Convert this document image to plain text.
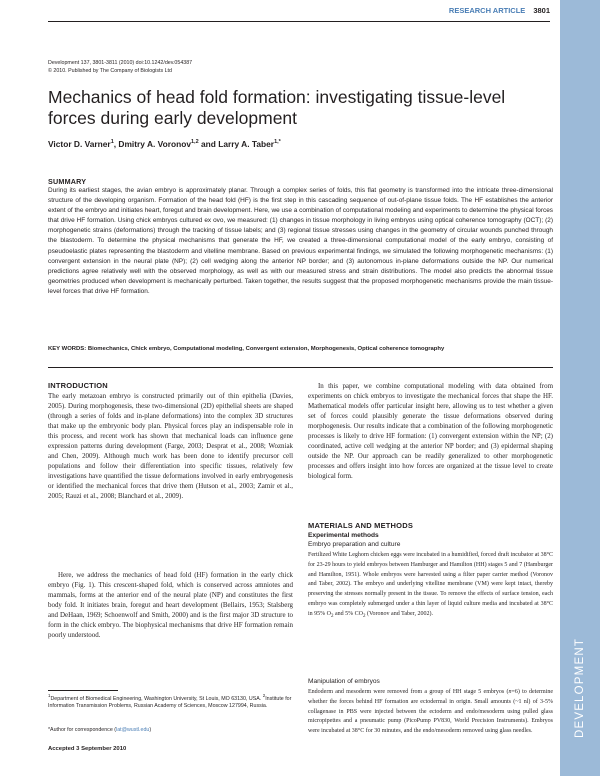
RESEARCH ARTICLE 3801
DEVELOPMENT
Development 137, 3801-3811 (2010) doi:10.1242/dev.054387
© 2010. Published by The Company of Biologists Ltd
Mechanics of head fold formation: investigating tissue-level forces during early development
Victor D. Varner$^1$, Dmitry A. Voronov$^{1,2}$ and Larry A. Taber$^{1,*}$
SUMMARY
During its earliest stages, the avian embryo is approximately planar. Through a complex series of folds, this flat geometry is transformed into the intricate three-dimensional structure of the developing organism. Formation of the head fold (HF) is the first step in this cascading sequence of out-of-plane tissue folds. The HF establishes the anterior extent of the embryo and initiates heart, foregut and brain development. Here, we use a combination of computational modeling and experiments to determine the physical forces that drive HF formation. Using chick embryos cultured ex ovo, we measured: (1) changes in tissue morphology in living embryos using optical coherence tomography (OCT); (2) morphogenetic strains (deformations) through the tracking of tissue labels; and (3) regional tissue stresses using changes in the geometry of circular wounds punched through the blastoderm. To determine the physical mechanisms that generate the HF, we created a three-dimensional computational model of the early embryo, consisting of pseudoelastic plates representing the blastoderm and vitelline membrane. Based on previous experimental findings, we simulated the following morphogenetic mechanisms: (1) convergent extension in the neural plate (NP); (2) cell wedging along the anterior NP border; and (3) autonomous in-plane deformations outside the NP. Our numerical predictions agree relatively well with the observed morphology, as well as with our measured stress and strain distributions. The model also predicts the abnormal tissue geometries produced when development is mechanically perturbed. Taken together, the results suggest that the proposed morphogenetic mechanisms provide the main tissue-level forces that drive HF formation.
KEY WORDS: Biomechanics, Chick embryo, Computational modeling, Convergent extension, Morphogenesis, Optical coherence tomography
INTRODUCTION
The early metazoan embryo is constructed primarily out of thin epithelia (Davies, 2005). During morphogenesis, these two-dimensional (2D) epithelial sheets are shaped (through a series of folds and in-plane deformations) into the complex 3D structures that make up the embryonic body plan. Physical forces play an indispensable role in this process, and recent work has shown that mechanical loads can influence gene expression patterns during development (Farge, 2003; Desprat et al., 2008; Wozniak and Chen, 2009). Although much work has been done to identify precursor cell populations and follow their differentiation into specific tissues, relatively few investigations have quantified the tissue deformations involved in early embryogenesis or identified the mechanical forces that drive them (Hutson et al., 2003; Zamir et al., 2005; Rauzi et al., 2008; Blanchard et al., 2009).
Here, we address the mechanics of head fold (HF) formation in the early chick embryo (Fig. 1). This crescent-shaped fold, which is conserved across amniotes and mammals, forms at the anterior end of the neural plate (NP) and constitutes the first body fold. It initiates brain, foregut and heart development (Bellairs, 1953; Stalsberg and DeHaan, 1969; Schoenwolf and Smith, 2000) and is the first major 3D structure to form in the chick embryo. The biophysical mechanisms that drive HF formation remain poorly understood.
$^1$Department of Biomedical Engineering, Washington University, St Louis, MO 63130, USA. $^2$Institute for Information Transmission Problems, Russian Academy of Sciences, Moscow 127994, Russia.
*Author for correspondence (lat@wustl.edu)
Accepted 3 September 2010
In this paper, we combine computational modeling with data obtained from experiments on chick embryos to investigate the mechanical forces that shape the HF. Mathematical models offer particular insight here, allowing us to test whether a given set of forces could plausibly generate the tissue deformations observed during morphogenesis. Our results indicate that a combination of the following morphogenetic processes is likely to drive HF formation: (1) convergent extension within the NP; (2) coordinated, active cell wedging at the anterior NP border; and (3) epidermal shaping outside the NP. Our approach can be readily generalized to other morphogenetic processes and offers insight into how forces are organized at the tissue level to create biological form.
MATERIALS AND METHODS
Experimental methods
Embryo preparation and culture
Fertilized White Leghorn chicken eggs were incubated in a humidified, forced draft incubator at 38°C for 23-29 hours to yield embryos between Hamburger and Hamilton (HH) stages 5 and 7 (Hamburger and Hamilton, 1951). Whole embryos were harvested using a filter paper carrier method (Voronov and Taber, 2002). The embryo and underlying vitelline membrane (VM) were kept intact, thereby preserving the stresses normally present in the tissue. To remove the effects of surface tension, each embryo was completely submerged under a thin layer of liquid culture media and incubated at 38°C in 95% $O_2$ and 5% $CO_2$ (Voronov and Taber, 2002).
Manipulation of embryos
Endoderm and mesoderm were removed from a group of HH stage 5 embryos (n=6) to determine whether the forces behind HF formation are ectodermal in origin. Small amounts (~1 nl) of 3-5% collagenase in PBS were injected between the ectoderm and endo/mesoderm using pulled glass micropipettes and a pneumatic pump (PicoPump PV830, World Precision Instruments). Embryos were incubated at 38°C for 30 minutes, and the endo/mesoderm removed using glass needles.
